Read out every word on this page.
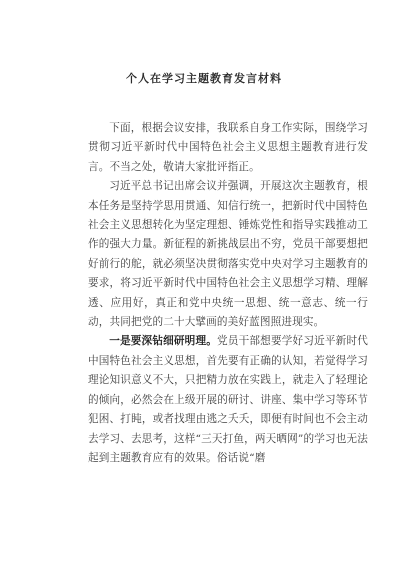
个人在学习主题教育发言材料

下面，根据会议安排，我联系自身工作实际，围绕学习贯彻习近平新时代中国特色社会主义思想主题教育进行发言。不当之处，敬请大家批评指正。

习近平总书记出席会议并强调，开展这次主题教育，根本任务是坚持学思用贯通、知信行统一，把新时代中国特色社会主义思想转化为坚定理想、锤炼党性和指导实践推动工作的强大力量。新征程的新挑战层出不穷，党员干部要想把好前行的舵，就必须坚决贯彻落实党中央对学习主题教育的要求，将习近平新时代中国特色社会主义思想学习精、理解透、应用好，真正和党中央统一思想、统一意志、统一行动，共同把党的二十大擘画的美好蓝图照进现实。

一是要深钻细研明理。党员干部想要学好习近平新时代中国特色社会主义思想，首先要有正确的认知，若觉得学习理论知识意义不大，只把精力放在实践上，就走入了轻理论的倾向，必然会在上级开展的研讨、讲座、集中学习等环节犯困、打盹，或者找理由逃之夭夭，即便有时间也不会主动去学习、去思考，这样“三天打鱼，两天晒网”的学习也无法起到主题教育应有的效果。俗话说“磨
